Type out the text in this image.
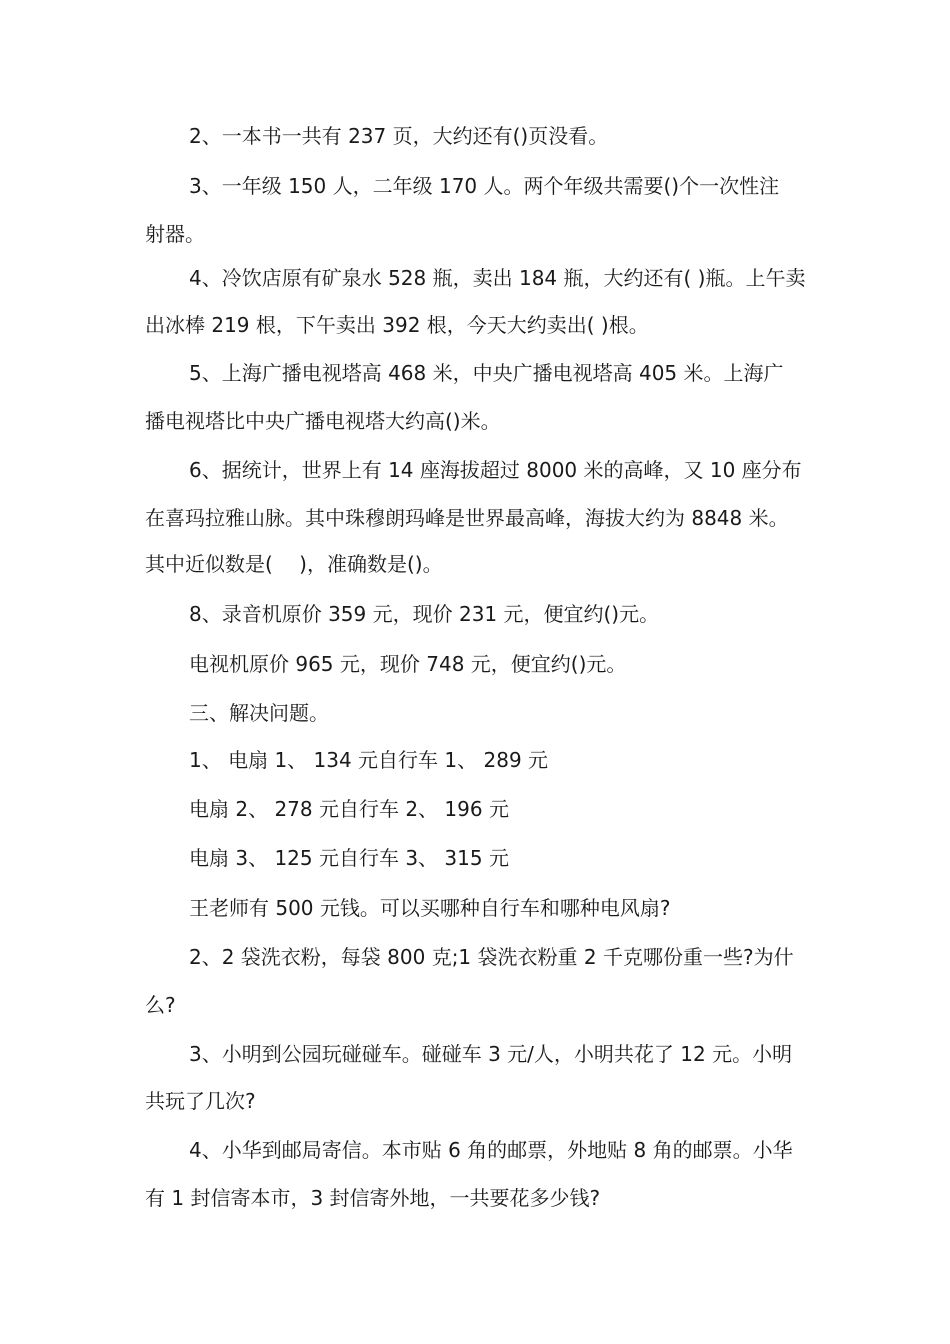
2、一本书一共有 237 页，大约还有()页没看。
3、一年级 150 人，二年级 170 人。两个年级共需要()个一次性注
射器。
4、冷饮店原有矿泉水 528 瓶，卖出 184 瓶，大约还有( )瓶。上午卖
出冰棒 219 根，下午卖出 392 根，今天大约卖出( )根。
5、上海广播电视塔高 468 米，中央广播电视塔高 405 米。上海广
播电视塔比中央广播电视塔大约高()米。
6、据统计，世界上有 14 座海拔超过 8000 米的高峰，又 10 座分布
在喜玛拉雅山脉。其中珠穆朗玛峰是世界最高峰，海拔大约为 8848 米。
其中近似数是(　 )，准确数是()。
8、录音机原价 359 元，现价 231 元，便宜约()元。
电视机原价 965 元，现价 748 元，便宜约()元。
三、解决问题。
1、 电扇 1、 134 元自行车 1、 289 元
电扇 2、 278 元自行车 2、 196 元
电扇 3、 125 元自行车 3、 315 元
王老师有 500 元钱。可以买哪种自行车和哪种电风扇?
2、2 袋洗衣粉，每袋 800 克;1 袋洗衣粉重 2 千克哪份重一些?为什
么?
3、小明到公园玩碰碰车。碰碰车 3 元/人，小明共花了 12 元。小明
共玩了几次?
4、小华到邮局寄信。本市贴 6 角的邮票，外地贴 8 角的邮票。小华
有 1 封信寄本市，3 封信寄外地，一共要花多少钱?
